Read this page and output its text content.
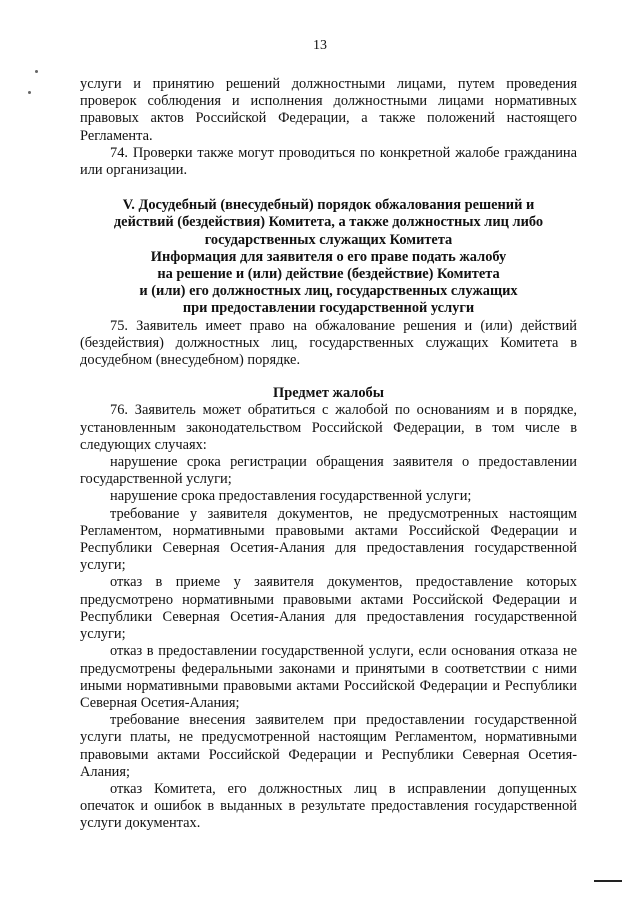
13

услуги и принятию решений должностными лицами, путем проведения проверок соблюдения и исполнения должностными лицами нормативных правовых актов Российской Федерации, а также положений настоящего Регламента.

74. Проверки также могут проводиться по конкретной жалобе гражданина или организации.

V. Досудебный (внесудебный) порядок обжалования решений и
действий (бездействия) Комитета, а также должностных лиц либо
государственных служащих Комитета
Информация для заявителя о его праве подать жалобу
на решение и (или) действие (бездействие) Комитета
и (или) его должностных лиц, государственных служащих
при предоставлении государственной услуги

75. Заявитель имеет право на обжалование решения и (или) действий (бездействия) должностных лиц, государственных служащих Комитета в досудебном (внесудебном) порядке.

Предмет жалобы

76. Заявитель может обратиться с жалобой по основаниям и в порядке, установленным законодательством Российской Федерации, в том числе в следующих случаях:

нарушение срока регистрации обращения заявителя о предоставлении государственной услуги;

нарушение срока предоставления государственной услуги;

требование у заявителя документов, не предусмотренных настоящим Регламентом, нормативными правовыми актами Российской Федерации и Республики Северная Осетия-Алания для предоставления государственной услуги;

отказ в приеме у заявителя документов, предоставление которых предусмотрено нормативными правовыми актами Российской Федерации и Республики Северная Осетия-Алания для предоставления государственной услуги;

отказ в предоставлении государственной услуги, если основания отказа не предусмотрены федеральными законами и принятыми в соответствии с ними иными нормативными правовыми актами Российской Федерации и Республики Северная Осетия-Алания;

требование внесения заявителем при предоставлении государственной услуги платы, не предусмотренной настоящим Регламентом, нормативными правовыми актами Российской Федерации и Республики Северная Осетия-Алания;

отказ Комитета, его должностных лиц в исправлении допущенных опечаток и ошибок в выданных в результате предоставления государственной услуги документах.
